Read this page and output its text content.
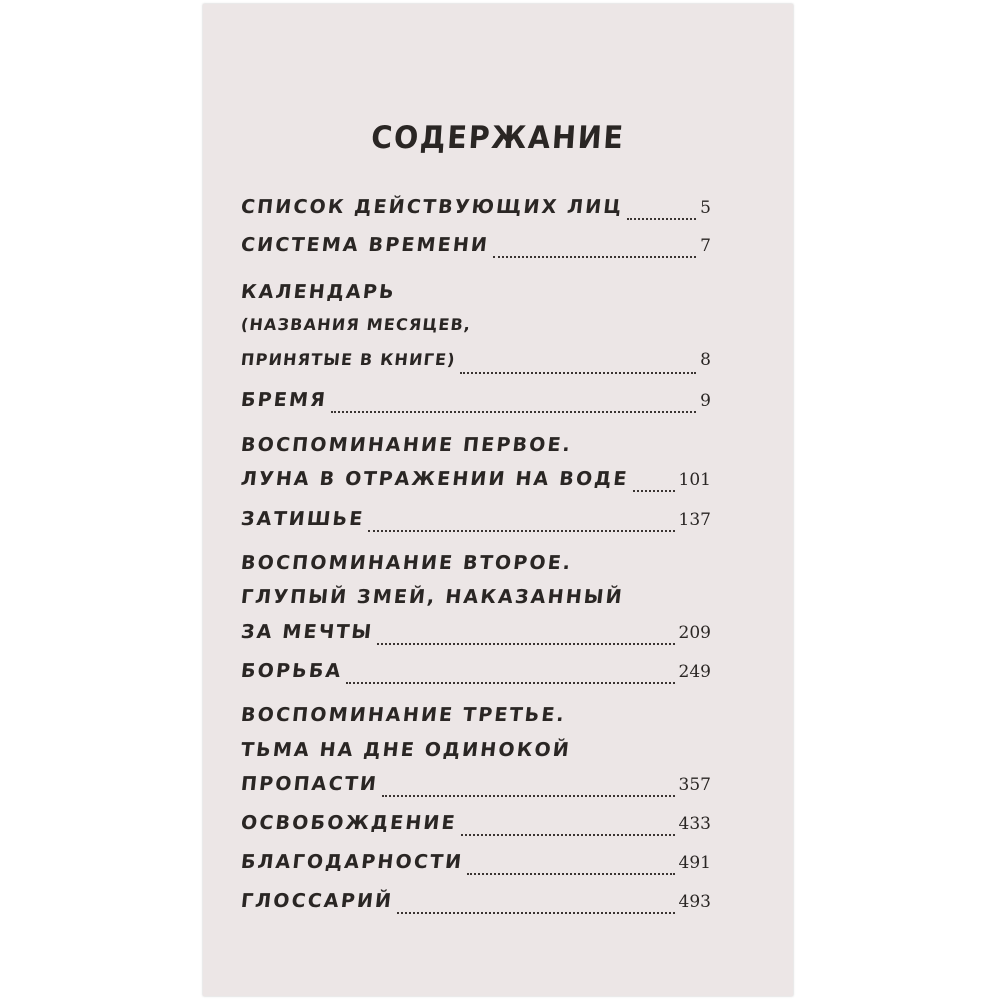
СОДЕРЖАНИЕ
СПИСОК ДЕЙСТВУЮЩИХ ЛИЦ	5
СИСТЕМА ВРЕМЕНИ	7
КАЛЕНДАРЬ
(НАЗВАНИЯ МЕСЯЦЕВ,
ПРИНЯТЫЕ В КНИГЕ)	8
БРЕМЯ	9
ВОСПОМИНАНИЕ ПЕРВОЕ.
ЛУНА В ОТРАЖЕНИИ НА ВОДЕ	101
ЗАТИШЬЕ	137
ВОСПОМИНАНИЕ ВТОРОЕ.
ГЛУПЫЙ ЗМЕЙ, НАКАЗАННЫЙ
ЗА МЕЧТЫ	209
БОРЬБА	249
ВОСПОМИНАНИЕ ТРЕТЬЕ.
ТЬМА НА ДНЕ ОДИНОКОЙ
ПРОПАСТИ	357
ОСВОБОЖДЕНИЕ	433
БЛАГОДАРНОСТИ	491
ГЛОССАРИЙ	493
